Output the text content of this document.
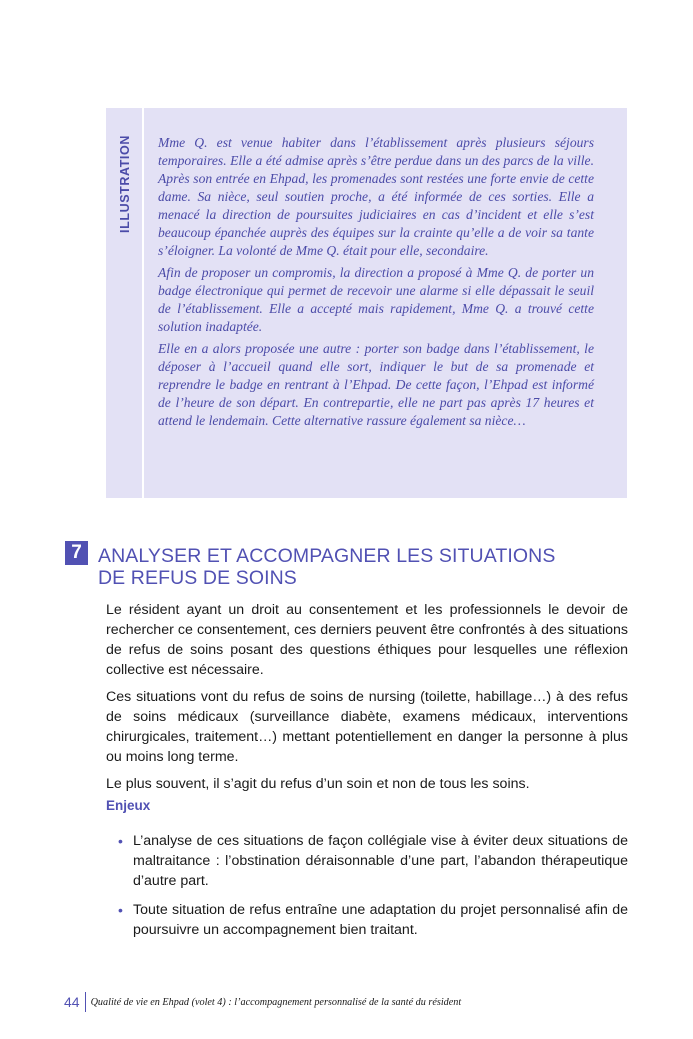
ILLUSTRATION Mme Q. est venue habiter dans l’établissement après plusieurs séjours temporaires. Elle a été admise après s’être perdue dans un des parcs de la ville. Après son entrée en Ehpad, les promenades sont restées une forte envie de cette dame. Sa nièce, seul soutien proche, a été informée de ces sorties. Elle a menacé la direction de poursuites judiciaires en cas d’incident et elle s’est beaucoup épanchée auprès des équipes sur la crainte qu’elle a de voir sa tante s’éloigner. La volonté de Mme Q. était pour elle, secondaire.

Afin de proposer un compromis, la direction a proposé à Mme Q. de porter un badge électronique qui permet de recevoir une alarme si elle dépassait le seuil de l’établissement. Elle a accepté mais rapidement, Mme Q. a trouvé cette solution inadaptée.

Elle en a alors proposée une autre : porter son badge dans l’établissement, le déposer à l’accueil quand elle sort, indiquer le but de sa promenade et reprendre le badge en rentrant à l’Ehpad. De cette façon, l’Ehpad est informé de l’heure de son départ. En contrepartie, elle ne part pas après 17 heures et attend le lendemain. Cette alternative rassure également sa nièce…

7 ANALYSER ET ACCOMPAGNER LES SITUATIONS
DE REFUS DE SOINS

Le résident ayant un droit au consentement et les professionnels le devoir de rechercher ce consentement, ces derniers peuvent être confrontés à des situations de refus de soins posant des questions éthiques pour lesquelles une réflexion collective est nécessaire.

Ces situations vont du refus de soins de nursing (toilette, habillage…) à des refus de soins médicaux (surveillance diabète, examens médicaux, interventions chirurgicales, traitement…) mettant potentiellement en danger la personne à plus ou moins long terme.

Le plus souvent, il s’agit du refus d’un soin et non de tous les soins.

Enjeux
• L’analyse de ces situations de façon collégiale vise à éviter deux situations de maltraitance : l’obstination déraisonnable d’une part, l’abandon thérapeutique d’autre part.
• Toute situation de refus entraîne une adaptation du projet personnalisé afin de poursuivre un accompagnement bien traitant.
44 Qualité de vie en Ehpad (volet 4) : l’accompagnement personnalisé de la santé du résident
